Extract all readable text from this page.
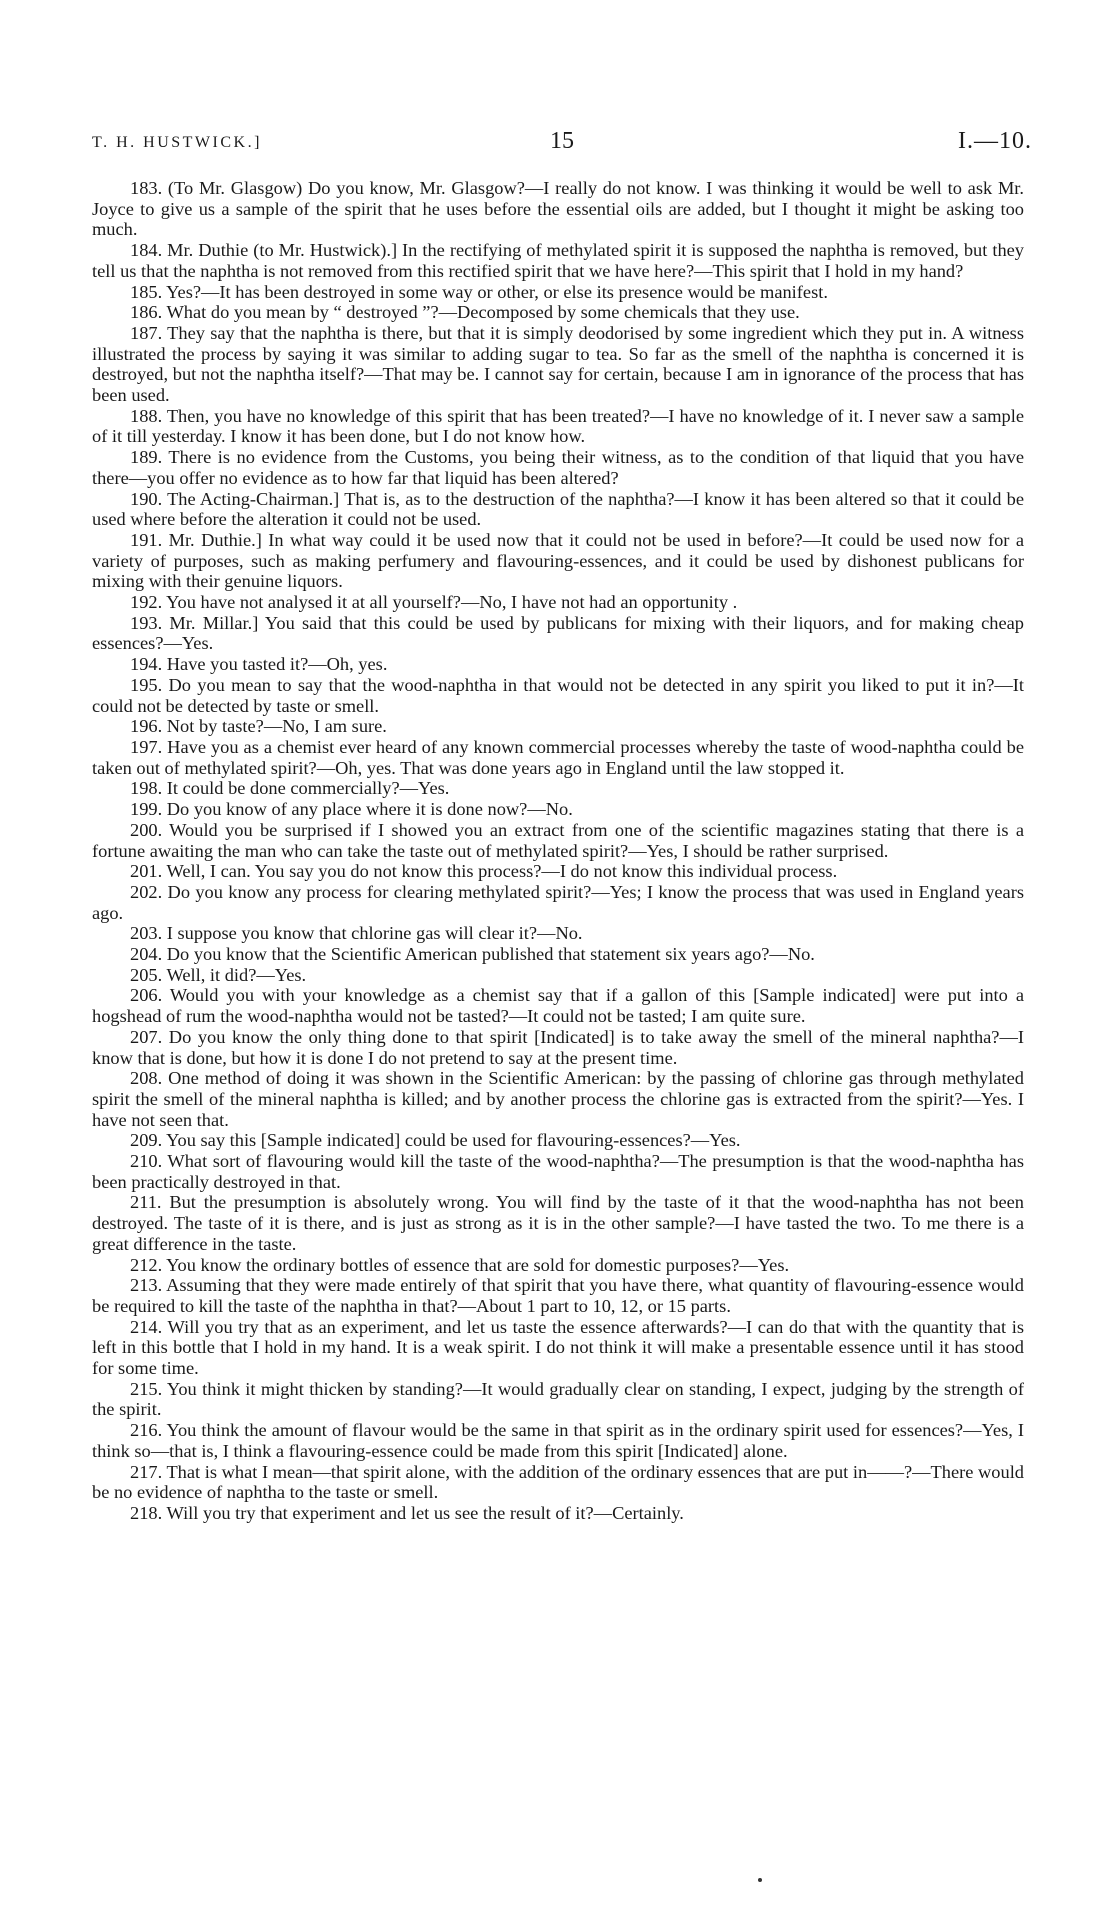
T. H. HUSTWICK.]	15	I.—10.

183. (To Mr. Glasgow) Do you know, Mr. Glasgow?—I really do not know. I was thinking it would be well to ask Mr. Joyce to give us a sample of the spirit that he uses before the essential oils are added, but I thought it might be asking too much.

184. Mr. Duthie (to Mr. Hustwick).] In the rectifying of methylated spirit it is supposed the naphtha is removed, but they tell us that the naphtha is not removed from this rectified spirit that we have here?—This spirit that I hold in my hand?

185. Yes?—It has been destroyed in some way or other, or else its presence would be manifest.

186. What do you mean by “ destroyed ”?—Decomposed by some chemicals that they use.

187. They say that the naphtha is there, but that it is simply deodorised by some ingredient which they put in. A witness illustrated the process by saying it was similar to adding sugar to tea. So far as the smell of the naphtha is concerned it is destroyed, but not the naphtha itself?—That may be. I cannot say for certain, because I am in ignorance of the process that has been used.

188. Then, you have no knowledge of this spirit that has been treated?—I have no knowledge of it. I never saw a sample of it till yesterday. I know it has been done, but I do not know how.

189. There is no evidence from the Customs, you being their witness, as to the condition of that liquid that you have there—you offer no evidence as to how far that liquid has been altered?

190. The Acting-Chairman.] That is, as to the destruction of the naphtha?—I know it has been altered so that it could be used where before the alteration it could not be used.

191. Mr. Duthie.] In what way could it be used now that it could not be used in before?—It could be used now for a variety of purposes, such as making perfumery and flavouring-essences, and it could be used by dishonest publicans for mixing with their genuine liquors.

192. You have not analysed it at all yourself?—No, I have not had an opportunity .

193. Mr. Millar.] You said that this could be used by publicans for mixing with their liquors, and for making cheap essences?—Yes.

194. Have you tasted it?—Oh, yes.

195. Do you mean to say that the wood-naphtha in that would not be detected in any spirit you liked to put it in?—It could not be detected by taste or smell.

196. Not by taste?—No, I am sure.

197. Have you as a chemist ever heard of any known commercial processes whereby the taste of wood-naphtha could be taken out of methylated spirit?—Oh, yes. That was done years ago in England until the law stopped it.

198. It could be done commercially?—Yes.

199. Do you know of any place where it is done now?—No.

200. Would you be surprised if I showed you an extract from one of the scientific magazines stating that there is a fortune awaiting the man who can take the taste out of methylated spirit?—Yes, I should be rather surprised.

201. Well, I can. You say you do not know this process?—I do not know this individual process.

202. Do you know any process for clearing methylated spirit?—Yes; I know the process that was used in England years ago.

203. I suppose you know that chlorine gas will clear it?—No.

204. Do you know that the Scientific American published that statement six years ago?—No.

205. Well, it did?—Yes.

206. Would you with your knowledge as a chemist say that if a gallon of this [Sample indicated] were put into a hogshead of rum the wood-naphtha would not be tasted?—It could not be tasted; I am quite sure.

207. Do you know the only thing done to that spirit [Indicated] is to take away the smell of the mineral naphtha?—I know that is done, but how it is done I do not pretend to say at the present time.

208. One method of doing it was shown in the Scientific American: by the passing of chlorine gas through methylated spirit the smell of the mineral naphtha is killed; and by another process the chlorine gas is extracted from the spirit?—Yes. I have not seen that.

209. You say this [Sample indicated] could be used for flavouring-essences?—Yes.

210. What sort of flavouring would kill the taste of the wood-naphtha?—The presumption is that the wood-naphtha has been practically destroyed in that.

211. But the presumption is absolutely wrong. You will find by the taste of it that the wood-naphtha has not been destroyed. The taste of it is there, and is just as strong as it is in the other sample?—I have tasted the two. To me there is a great difference in the taste.

212. You know the ordinary bottles of essence that are sold for domestic purposes?—Yes.

213. Assuming that they were made entirely of that spirit that you have there, what quantity of flavouring-essence would be required to kill the taste of the naphtha in that?—About 1 part to 10, 12, or 15 parts.

214. Will you try that as an experiment, and let us taste the essence afterwards?—I can do that with the quantity that is left in this bottle that I hold in my hand. It is a weak spirit. I do not think it will make a presentable essence until it has stood for some time.

215. You think it might thicken by standing?—It would gradually clear on standing, I expect, judging by the strength of the spirit.

216. You think the amount of flavour would be the same in that spirit as in the ordinary spirit used for essences?—Yes, I think so—that is, I think a flavouring-essence could be made from this spirit [Indicated] alone.

217. That is what I mean—that spirit alone, with the addition of the ordinary essences that are put in——?—There would be no evidence of naphtha to the taste or smell.

218. Will you try that experiment and let us see the result of it?—Certainly.
